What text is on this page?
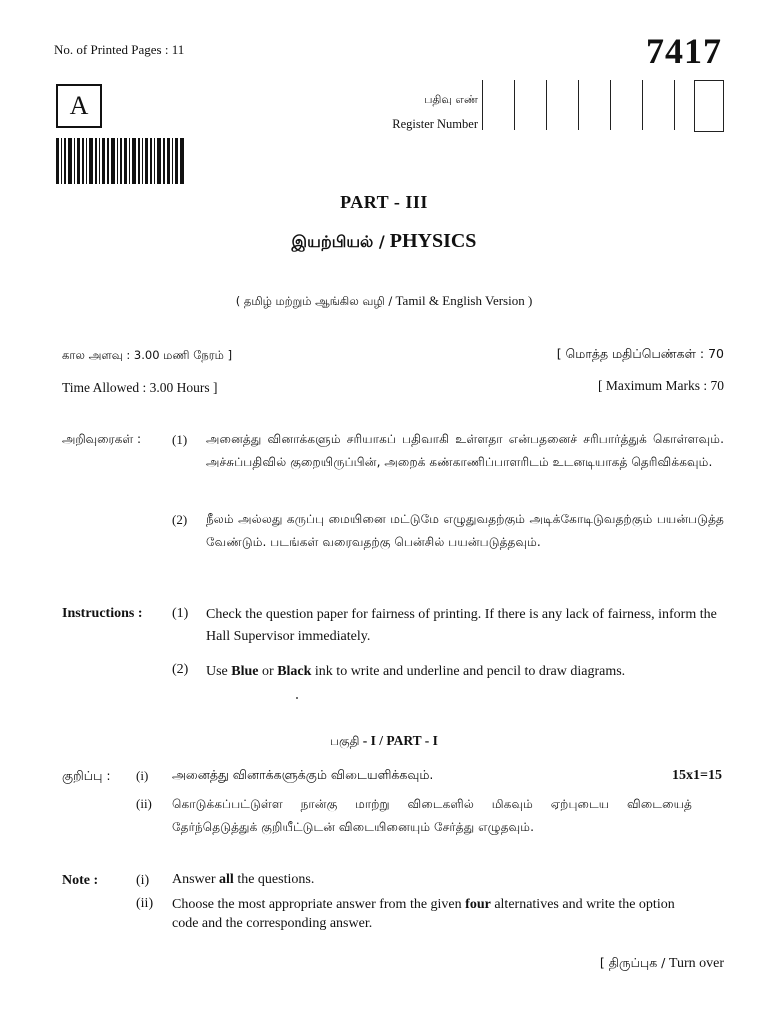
No. of Printed Pages : 11	7417
A	பதிவு எண்
Register Number
PART - III
இயற்பியல் / PHYSICS
( தமிழ் மற்றும் ஆங்கில வழி / Tamil & English Version )
கால அளவு : 3.00 மணி நேரம் ]	[ மொத்த மதிப்பெண்கள் : 70
Time Allowed : 3.00 Hours ]	[ Maximum Marks : 70
அறிவுரைகள் : (1) அனைத்து வினாக்களும் சரியாகப் பதிவாகி உள்ளதா என்பதனைச் சரிபார்த்துக் கொள்ளவும். அச்சுப்பதிவில் குறையிருப்பின், அறைக் கண்காணிப்பாளரிடம் உடனடியாகத் தெரிவிக்கவும்.
(2) நீலம் அல்லது கருப்பு மையினை மட்டுமே எழுதுவதற்கும் அடிக்கோடிடுவதற்கும் பயன்படுத்த வேண்டும். படங்கள் வரைவதற்கு பென்சில் பயன்படுத்தவும்.
Instructions : (1) Check the question paper for fairness of printing. If there is any lack of fairness, inform the Hall Supervisor immediately.
(2) Use Blue or Black ink to write and underline and pencil to draw diagrams.
பகுதி - I / PART - I
குறிப்பு : (i) அனைத்து வினாக்களுக்கும் விடையளிக்கவும்.	15x1=15
(ii) கொடுக்கப்பட்டுள்ள நான்கு மாற்று விடைகளில் மிகவும் ஏற்புடைய விடையைத் தேர்ந்தெடுத்துக் குறியீட்டுடன் விடையினையும் சேர்த்து எழுதவும்.
Note :	(i) Answer all the questions.
(ii) Choose the most appropriate answer from the given four alternatives and write the option code and the corresponding answer.
[ திருப்புக / Turn over
